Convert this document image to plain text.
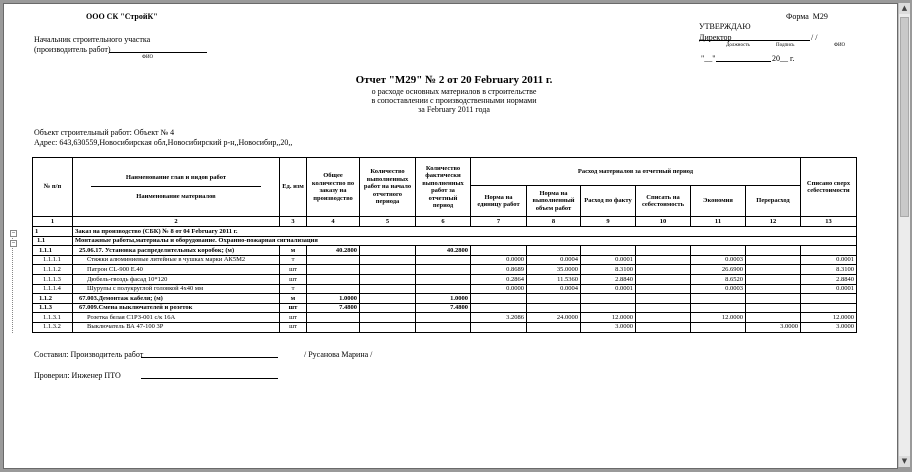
ООО СК "СтройК"
Начальник строительного участка
(производитель работ)
ФИО
Форма М29
УТВЕРЖДАЮ
Директор	/ /
Должность	Подпись	ФИО
"__"	20__ г.
Отчет "М29" № 2 от 20 February 2011 г.
о расходе основных материалов в строительстве
в сопоставлении с производственными нормами
за February 2011 года
Объект строительный работ: Объект № 4
Адрес: 643,630559,Новосибирская обл,Новосибирский р-н,,Новосибир,,20,,
−
−
№ п/п	Наименование глав и видов работ
Наименование материалов	Ед. изм	Общее количество по заказу на производство	Количество выполненных работ на начало отчетного периода	Количество фактически выполненных работ за отчетный период	Расход материалов за отчетный период						Списано сверх себестоимости
						Норма на единицу работ	Норма на выполненный объем работ	Расход по факту	Списать на себестоимость	Экономия	Перерасход	
1	2	3	4	5	6	7	8	9	10	11	12	13
1	Заказ на производство (СБК) № 8 от 04 February 2011 г.											
1.1	Монтажные работы,материалы и оборудование. Охранно-пожарная сигнализация											
1.1.1	25.06.17. Установка распределительных коробок; (м)	м	40.2800		40.2800							
1.1.1.1	Стяжки алюминиевые литейные в чушках марки АК5М2	т				0.0000	0.0004	0.0001		0.0003		0.0001
1.1.1.2	Патрон CL-900 E.40	шт				0.8689	35.0000	8.3100		26.6900		8.3100
1.1.1.3	Дюбель-гвоздь фасад 10*120	шт				0.2864	11.5360	2.8840		8.6520		2.8840
1.1.1.4	Шурупы с полукруглой головкой 4х40 мм	т				0.0000	0.0004	0.0001		0.0003		0.0001
1.1.2	67.003.Демонтаж кабеля; (м)	м	1.0000		1.0000							
1.1.3	67.009.Смена выключателей и розеток	шт	7.4800		7.4800							
1.1.3.1	Розетка белая С1РЗ-001 с/к 16А	шт				3.2086	24.0000	12.0000		12.0000		12.0000
1.1.3.2	Выключатель ВА 47-100 3Р	шт						3.0000			3.0000	3.0000
Составил: Производитель работ	/ Русанова Марина /
Проверил: Инженер ПТО
▲
▼
